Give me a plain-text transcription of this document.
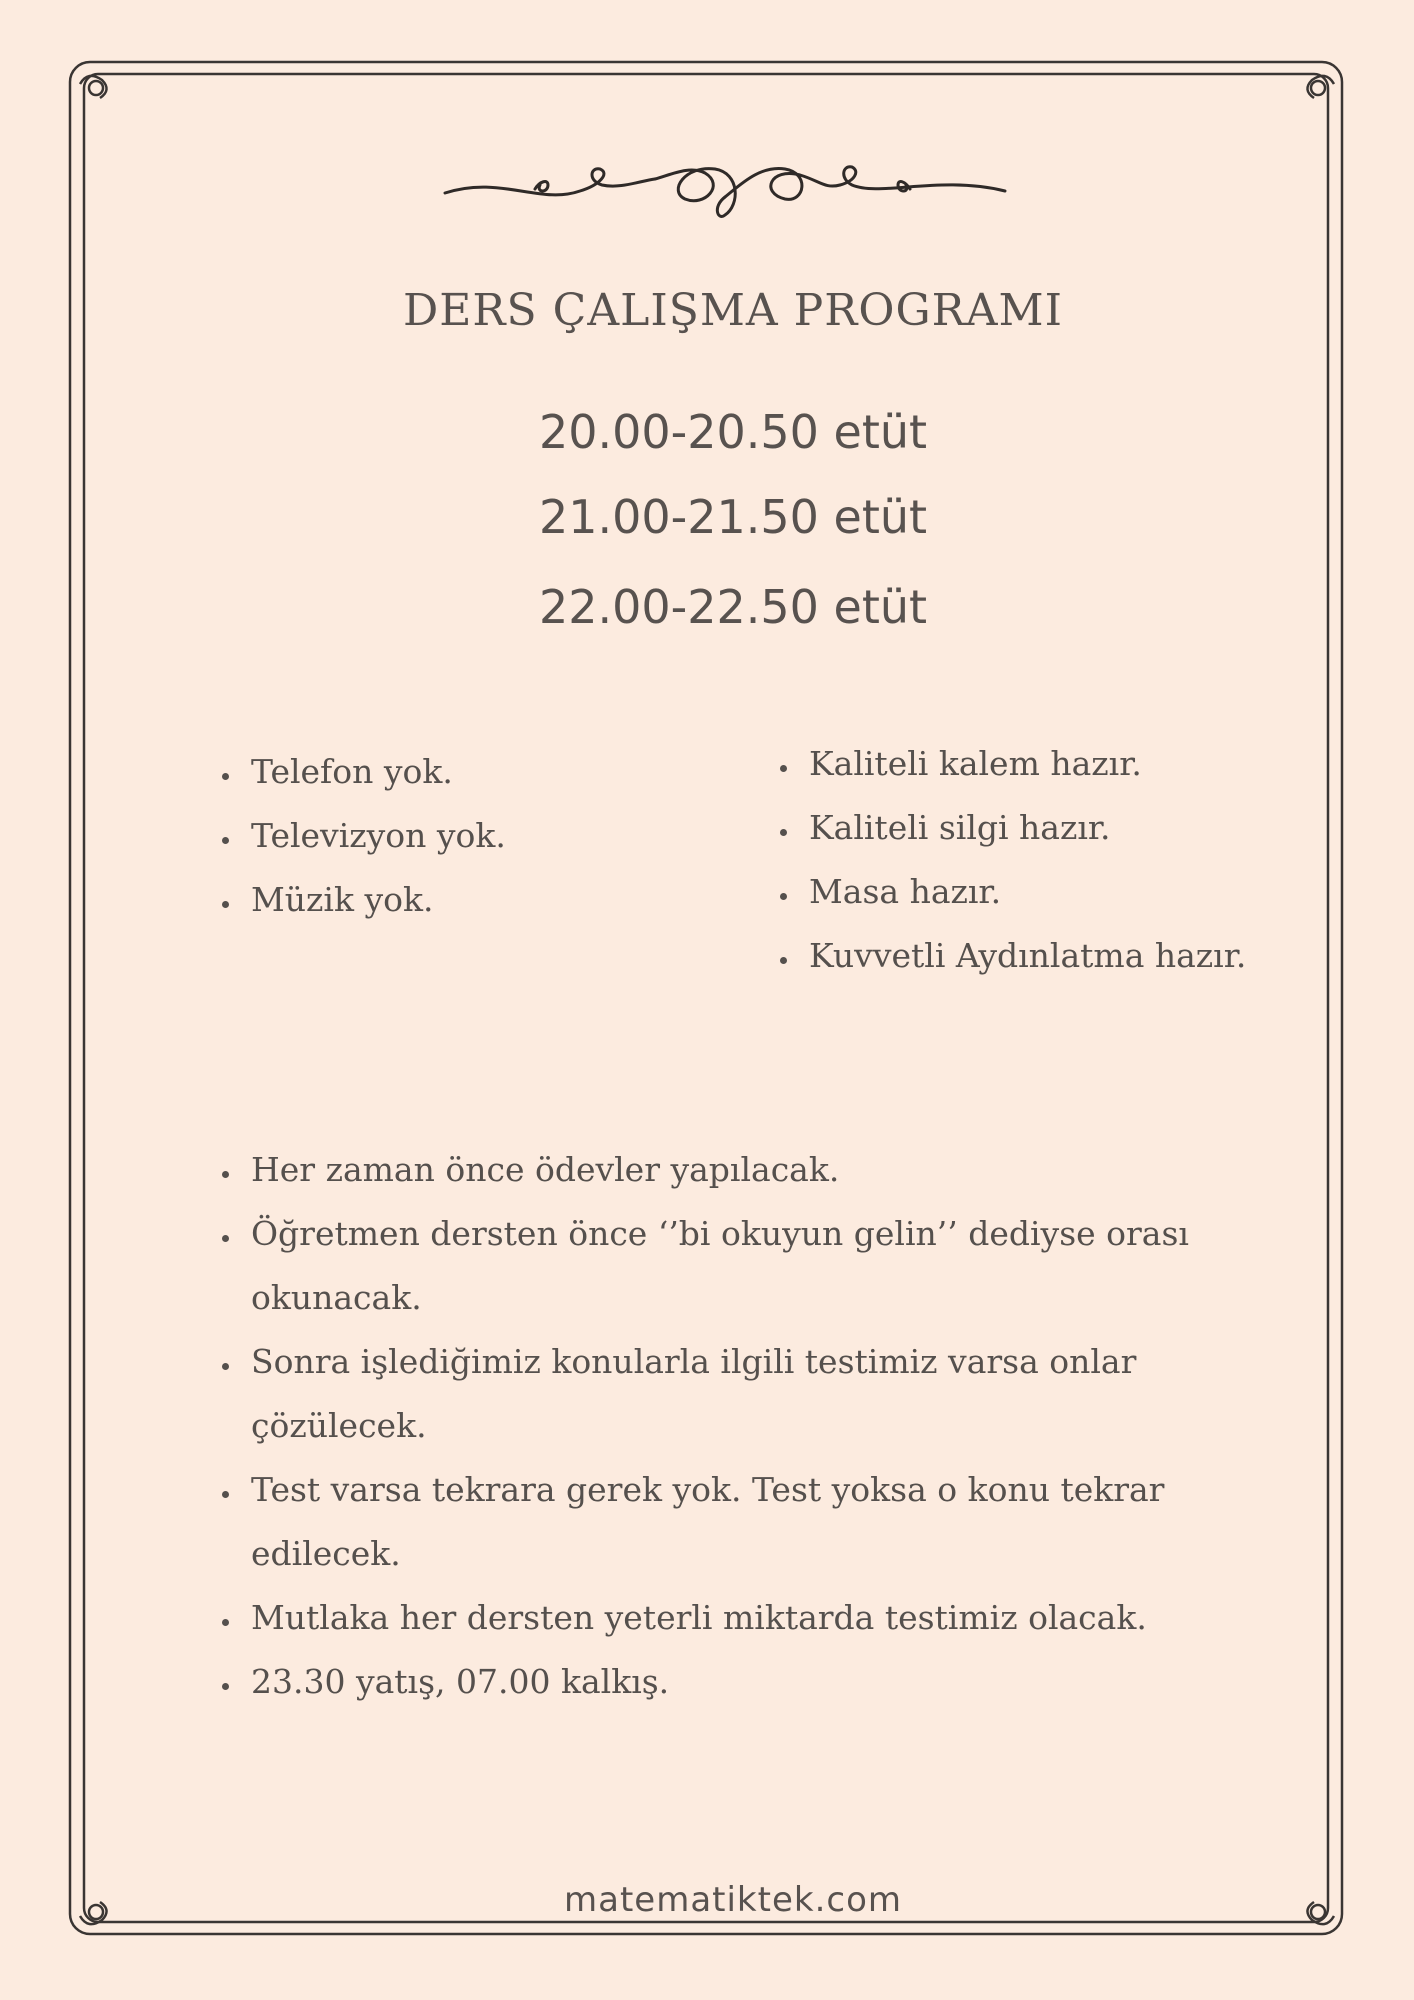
DERS ÇALIŞMA PROGRAMI
20.00-20.50 etüt
21.00-21.50 etüt
22.00-22.50 etüt
• Telefon yok.
• Televizyon yok.
• Müzik yok.
• Kaliteli kalem hazır.
• Kaliteli silgi hazır.
• Masa hazır.
• Kuvvetli Aydınlatma hazır.
• Her zaman önce ödevler yapılacak.
• Öğretmen dersten önce ‘’bi okuyun gelin’’ dediyse orası okunacak.
• Sonra işlediğimiz konularla ilgili testimiz varsa onlar çözülecek.
• Test varsa tekrara gerek yok. Test yoksa o konu tekrar edilecek.
• Mutlaka her dersten yeterli miktarda testimiz olacak.
• 23.30 yatış, 07.00 kalkış.
matematiktek.com
